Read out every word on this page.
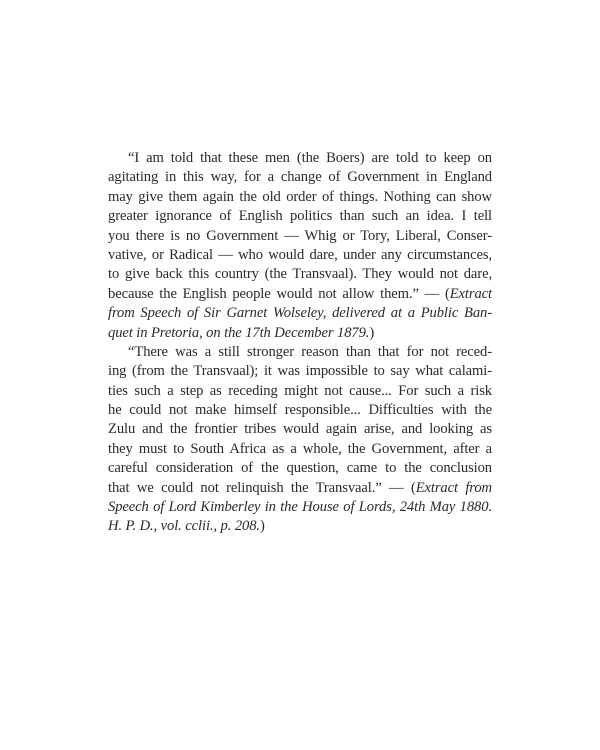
“I am told that these men (the Boers) are told to keep on
agitating in this way, for a change of Government in England
may give them again the old order of things. Nothing can show
greater ignorance of English politics than such an idea. I tell
you there is no Government — Whig or Tory, Liberal, Conser-
vative, or Radical — who would dare, under any circumstances,
to give back this country (the Transvaal). They would not dare,
because the English people would not allow them.” — (Extract
from Speech of Sir Garnet Wolseley, delivered at a Public Ban-
quet in Pretoria, on the 17th December 1879.)
“There was a still stronger reason than that for not reced-
ing (from the Transvaal); it was impossible to say what calami-
ties such a step as receding might not cause... For such a risk
he could not make himself responsible... Difficulties with the
Zulu and the frontier tribes would again arise, and looking as
they must to South Africa as a whole, the Government, after a
careful consideration of the question, came to the conclusion
that we could not relinquish the Transvaal.” — (Extract from
Speech of Lord Kimberley in the House of Lords, 24th May 1880.
H. P. D., vol. cclii., p. 208.)
